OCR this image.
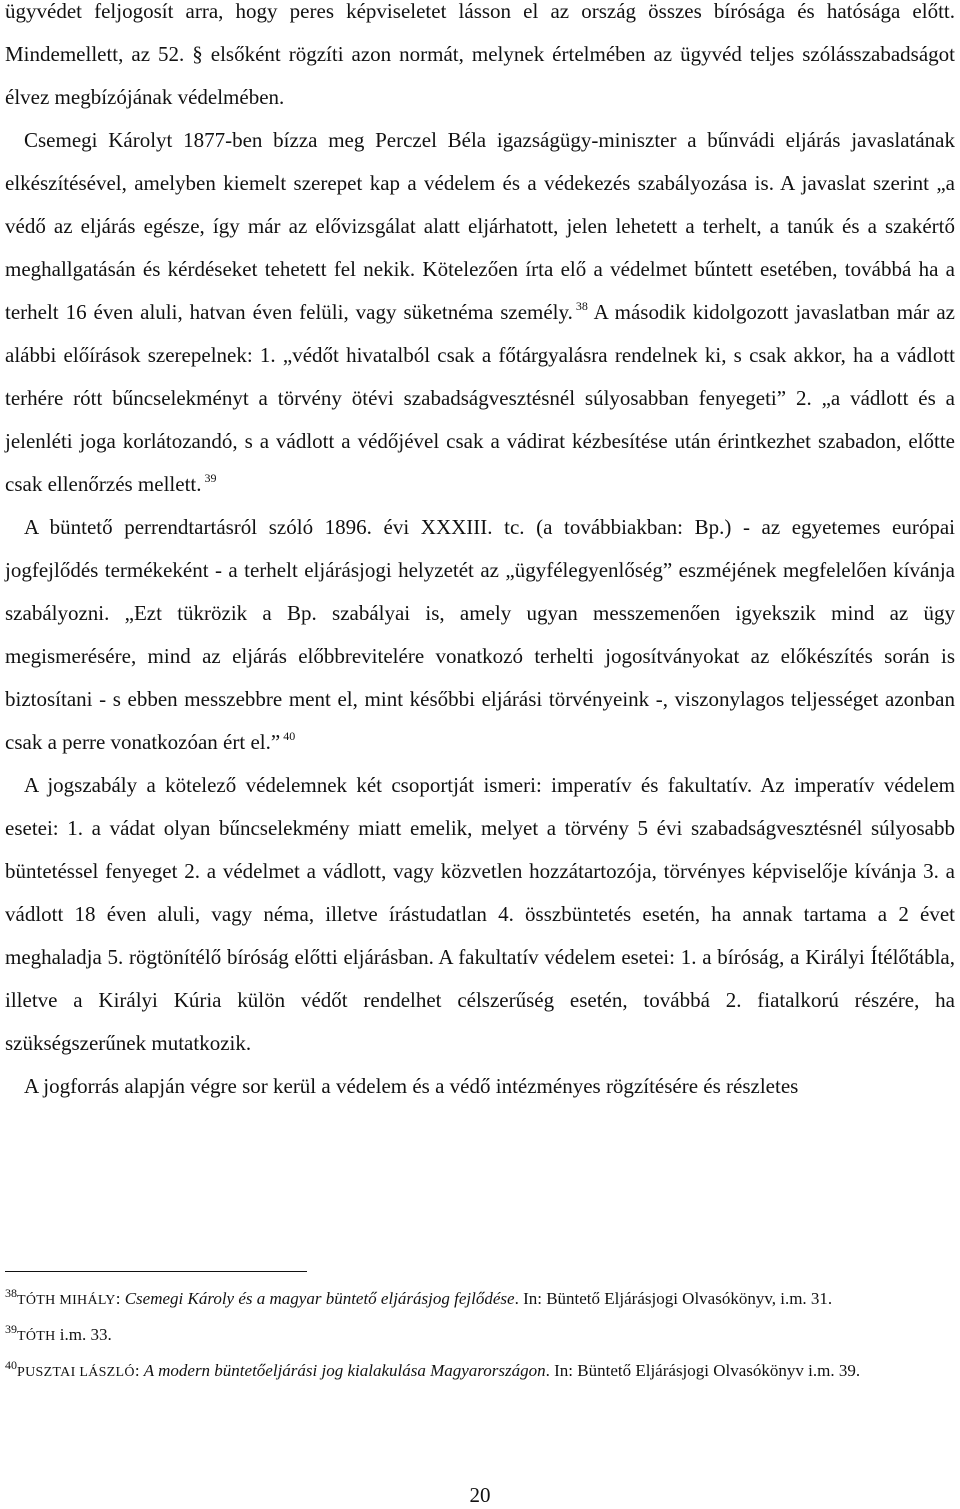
ügyvédet feljogosít arra, hogy peres képviseletet lásson el az ország összes bírósága és hatósága előtt. Mindemellett, az 52. § elsőként rögzíti azon normát, melynek értelmében az ügyvéd teljes szólásszabadságot élvez megbízójának védelmében.

Csemegi Károlyt 1877-ben bízza meg Perczel Béla igazságügy-miniszter a bűnvádi eljárás javaslatának elkészítésével, amelyben kiemelt szerepet kap a védelem és a védekezés szabályozása is. A javaslat szerint „a védő az eljárás egésze, így már az elővizsgálat alatt eljárhatott, jelen lehetett a terhelt, a tanúk és a szakértő meghallgatásán és kérdéseket tehetett fel nekik. Kötelezően írta elő a védelmet bűntett esetében, továbbá ha a terhelt 16 éven aluli, hatvan éven felüli, vagy süketnéma személy. $^{38}$ A második kidolgozott javaslatban már az alábbi előírások szerepelnek: 1. „védőt hivatalból csak a főtárgyalásra rendelnek ki, s csak akkor, ha a vádlott terhére rótt bűncselekményt a törvény ötévi szabadságvesztésnél súlyosabban fenyegeti” 2. „a vádlott és a jelenléti joga korlátozandó, s a vádlott a védőjével csak a vádirat kézbesítése után érintkezhet szabadon, előtte csak ellenőrzés mellett. $^{39}$

A büntető perrendtartásról szóló 1896. évi XXXIII. tc. (a továbbiakban: Bp.) - az egyetemes európai jogfejlődés termékeként - a terhelt eljárásjogi helyzetét az „ügyfélegyenlőség” eszméjének megfelelően kívánja szabályozni. „Ezt tükrözik a Bp. szabályai is, amely ugyan messzemenően igyekszik mind az ügy megismerésére, mind az eljárás előbbrevitelére vonatkozó terhelti jogosítványokat az előkészítés során is biztosítani - s ebben messzebbre ment el, mint későbbi eljárási törvényeink -, viszonylagos teljességet azonban csak a perre vonatkozóan ért el.” $^{40}$

A jogszabály a kötelező védelemnek két csoportját ismeri: imperatív és fakultatív. Az imperatív védelem esetei: 1. a vádat olyan bűncselekmény miatt emelik, melyet a törvény 5 évi szabadságvesztésnél súlyosabb büntetéssel fenyeget 2. a védelmet a vádlott, vagy közvetlen hozzátartozója, törvényes képviselője kívánja 3. a vádlott 18 éven aluli, vagy néma, illetve írástudatlan 4. összbüntetés esetén, ha annak tartama a 2 évet meghaladja 5. rögtönítélő bíróság előtti eljárásban. A fakultatív védelem esetei: 1. a bíróság, a Királyi Ítélőtábla, illetve a Királyi Kúria külön védőt rendelhet célszerűség esetén, továbbá 2. fiatalkorú részére, ha szükségszerűnek mutatkozik.

A jogforrás alapján végre sor kerül a védelem és a védő intézményes rögzítésére és részletes

$^{38}$TÓTH MIHÁLY: Csemegi Károly és a magyar büntető eljárásjog fejlődése. In: Büntető Eljárásjogi Olvasókönyv, i.m. 31.
$^{39}$TÓTH i.m. 33.
$^{40}$PUSZTAI LÁSZLÓ: A modern büntetőeljárási jog kialakulása Magyarországon. In: Büntető Eljárásjogi Olvasókönyv i.m. 39.
20
